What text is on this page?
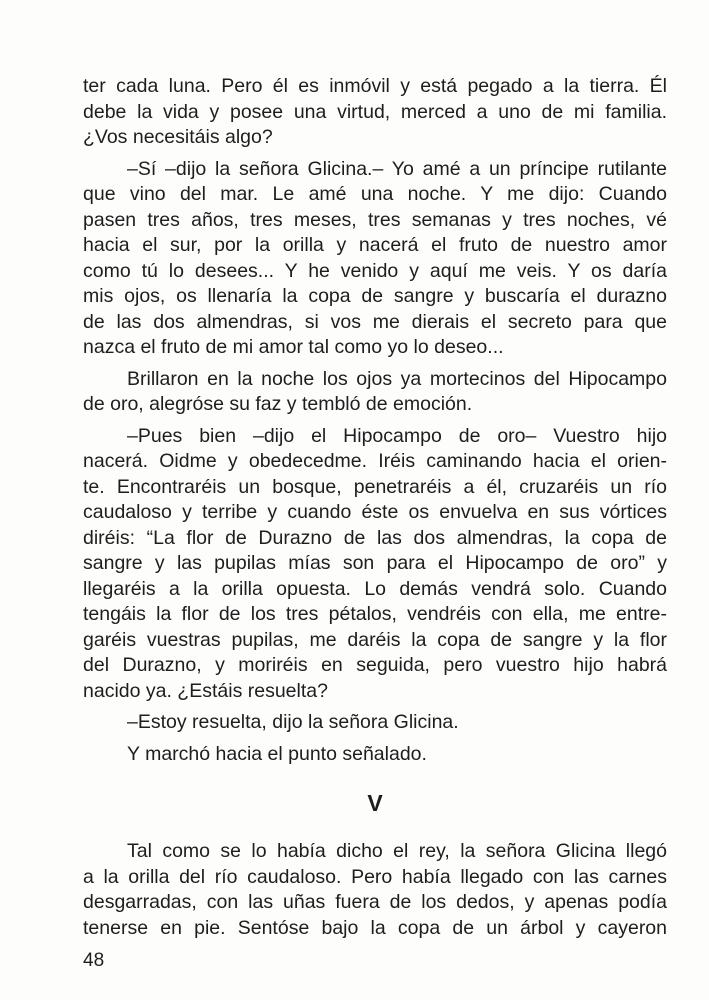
ter cada luna. Pero él es inmóvil y está pegado a la tierra. Él
debe la vida y posee una virtud, merced a uno de mi familia.
¿Vos necesitáis algo?
–Sí –dijo la señora Glicina.– Yo amé a un príncipe rutilante
que vino del mar. Le amé una noche. Y me dijo: Cuando
pasen tres años, tres meses, tres semanas y tres noches, vé
hacia el sur, por la orilla y nacerá el fruto de nuestro amor
como tú lo desees... Y he venido y aquí me veis. Y os daría
mis ojos, os llenaría la copa de sangre y buscaría el durazno
de las dos almendras, si vos me dierais el secreto para que
nazca el fruto de mi amor tal como yo lo deseo...
Brillaron en la noche los ojos ya mortecinos del Hipocampo
de oro, alegróse su faz y tembló de emoción.
–Pues bien –dijo el Hipocampo de oro– Vuestro hijo
nacerá. Oidme y obedecedme. Iréis caminando hacia el orien-
te. Encontraréis un bosque, penetraréis a él, cruzaréis un río
caudaloso y terribe y cuando éste os envuelva en sus vórtices
diréis: “La flor de Durazno de las dos almendras, la copa de
sangre y las pupilas mías son para el Hipocampo de oro” y
llegaréis a la orilla opuesta. Lo demás vendrá solo. Cuando
tengáis la flor de los tres pétalos, vendréis con ella, me entre-
garéis vuestras pupilas, me daréis la copa de sangre y la flor
del Durazno, y moriréis en seguida, pero vuestro hijo habrá
nacido ya. ¿Estáis resuelta?
–Estoy resuelta, dijo la señora Glicina.
Y marchó hacia el punto señalado.
V
Tal como se lo había dicho el rey, la señora Glicina llegó
a la orilla del río caudaloso. Pero había llegado con las carnes
desgarradas, con las uñas fuera de los dedos, y apenas podía
tenerse en pie. Sentóse bajo la copa de un árbol y cayeron
48
